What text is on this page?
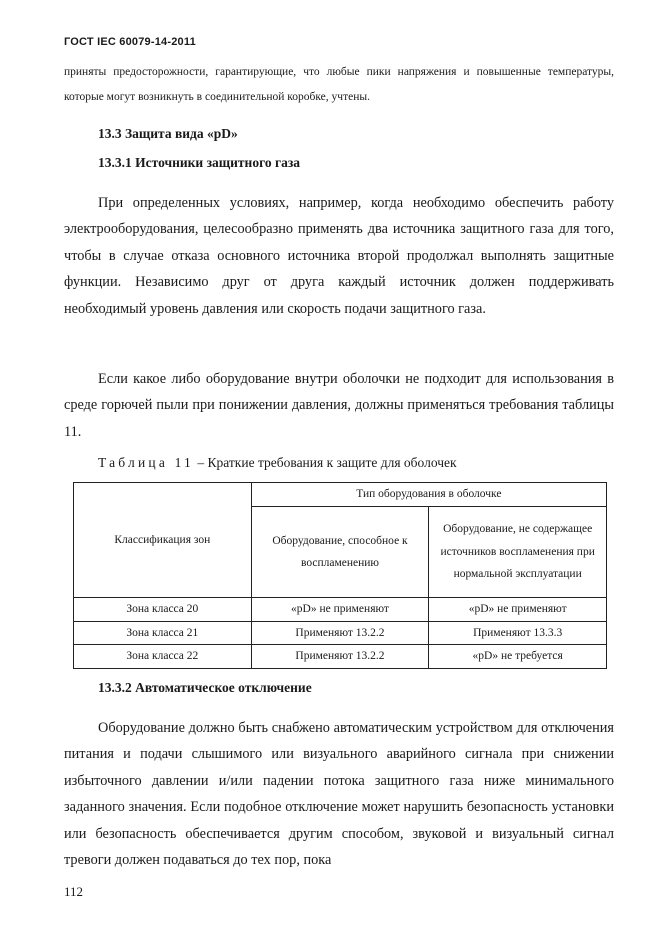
ГОСТ IEC 60079-14-2011
приняты предосторожности, гарантирующие, что любые пики напряжения и повышенные температуры, которые могут возникнуть в соединительной коробке, учтены.
13.3 Защита вида «pD»
13.3.1 Источники защитного газа
При определенных условиях, например, когда необходимо обеспечить работу электрооборудования, целесообразно применять два источника защитного газа для того, чтобы в случае отказа основного источника второй продолжал выполнять защитные функции. Независимо друг от друга каждый источник должен поддерживать необходимый уровень давления или скорость подачи защитного газа.
Если какое либо оборудование внутри оболочки не подходит для использования в среде горючей пыли при понижении давления, должны применяться требования таблицы 11.
Таблица 11 – Краткие требования к защите для оболочек
Классификация зон	Тип оборудования в оболочке	
	Оборудование, способное к воспламенению	Оборудование, не содержащее источников воспламенения при нормальной эксплуатации
Зона класса 20	«pD» не применяют	«pD» не применяют
Зона класса 21	Применяют 13.2.2	Применяют 13.3.3
Зона класса 22	Применяют 13.2.2	«pD» не требуется
13.3.2 Автоматическое отключение
Оборудование должно быть снабжено автоматическим устройством для отключения питания и подачи слышимого или визуального аварийного сигнала при снижении избыточного давлении и/или падении потока защитного газа ниже минимального заданного значения. Если подобное отключение может нарушить безопасность установки или безопасность обеспечивается другим способом, звуковой и визуальный сигнал тревоги должен подаваться до тех пор, пока
112
